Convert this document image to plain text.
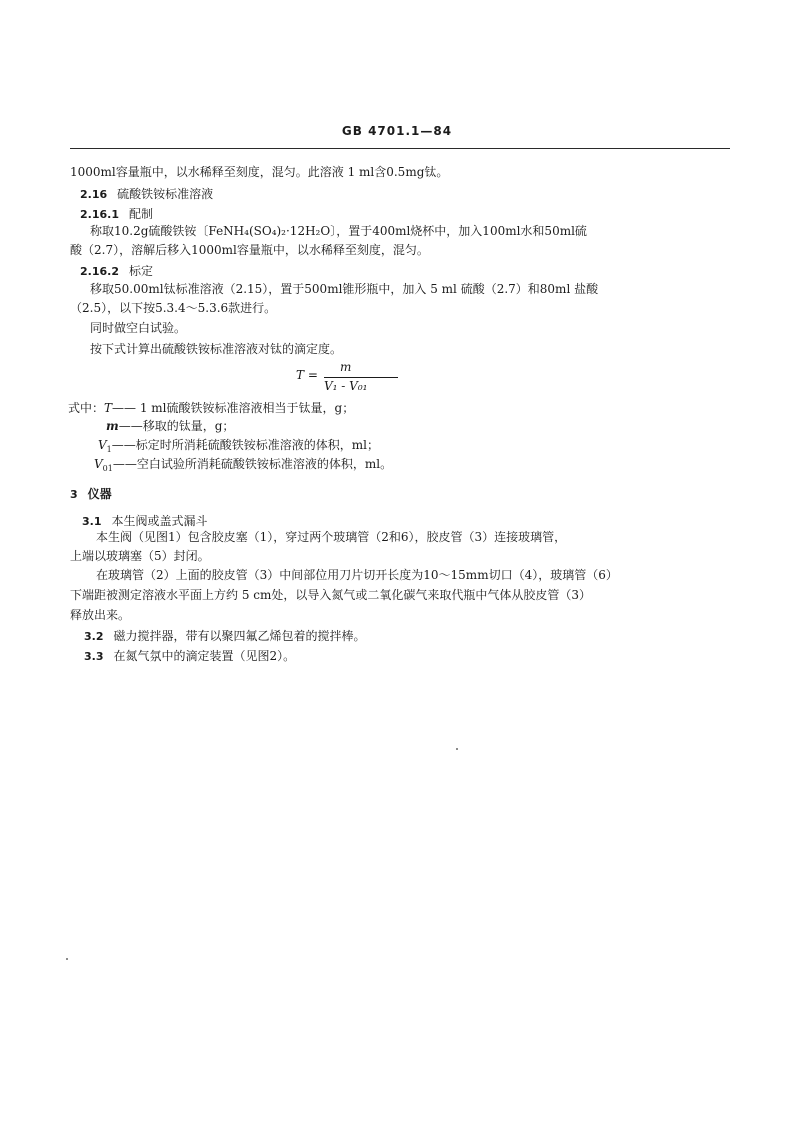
GB 4701.1—84
1000ml容量瓶中，以水稀释至刻度，混匀。此溶液 1 ml含0.5mg钛。
2.16 硫酸铁铵标准溶液
2.16.1 配制
称取10.2g硫酸铁铵〔FeNH₄(SO₄)₂·12H₂O〕，置于400ml烧杯中，加入100ml水和50ml硫
酸（2.7），溶解后移入1000ml容量瓶中，以水稀释至刻度，混匀。
2.16.2 标定
移取50.00ml钛标准溶液（2.15），置于500ml锥形瓶中，加入 5 ml 硫酸（2.7）和80ml 盐酸
（2.5），以下按5.3.4～5.3.6款进行。
同时做空白试验。
按下式计算出硫酸铁铵标准溶液对钛的滴定度。
T =
m
V₁ - V₀₁
式中：T—— 1 ml硫酸铁铵标准溶液相当于钛量，g；
m——移取的钛量，g；
$V_1——$标定时所消耗硫酸铁铵标准溶液的体积，ml；
$V_{01}——$空白试验所消耗硫酸铁铵标准溶液的体积，ml。
3 仪器
3.1 本生阀或盖式漏斗
本生阀（见图1）包含胶皮塞（1），穿过两个玻璃管（2和6），胶皮管（3）连接玻璃管，
上端以玻璃塞（5）封闭。
在玻璃管（2）上面的胶皮管（3）中间部位用刀片切开长度为10～15mm切口（4），玻璃管（6）
下端距被测定溶液水平面上方约 5 cm处，以导入氮气或二氧化碳气来取代瓶中气体从胶皮管（3）
释放出来。
3.2 磁力搅拌器，带有以聚四氟乙烯包着的搅拌棒。
3.3 在氮气氛中的滴定装置（见图2）。
